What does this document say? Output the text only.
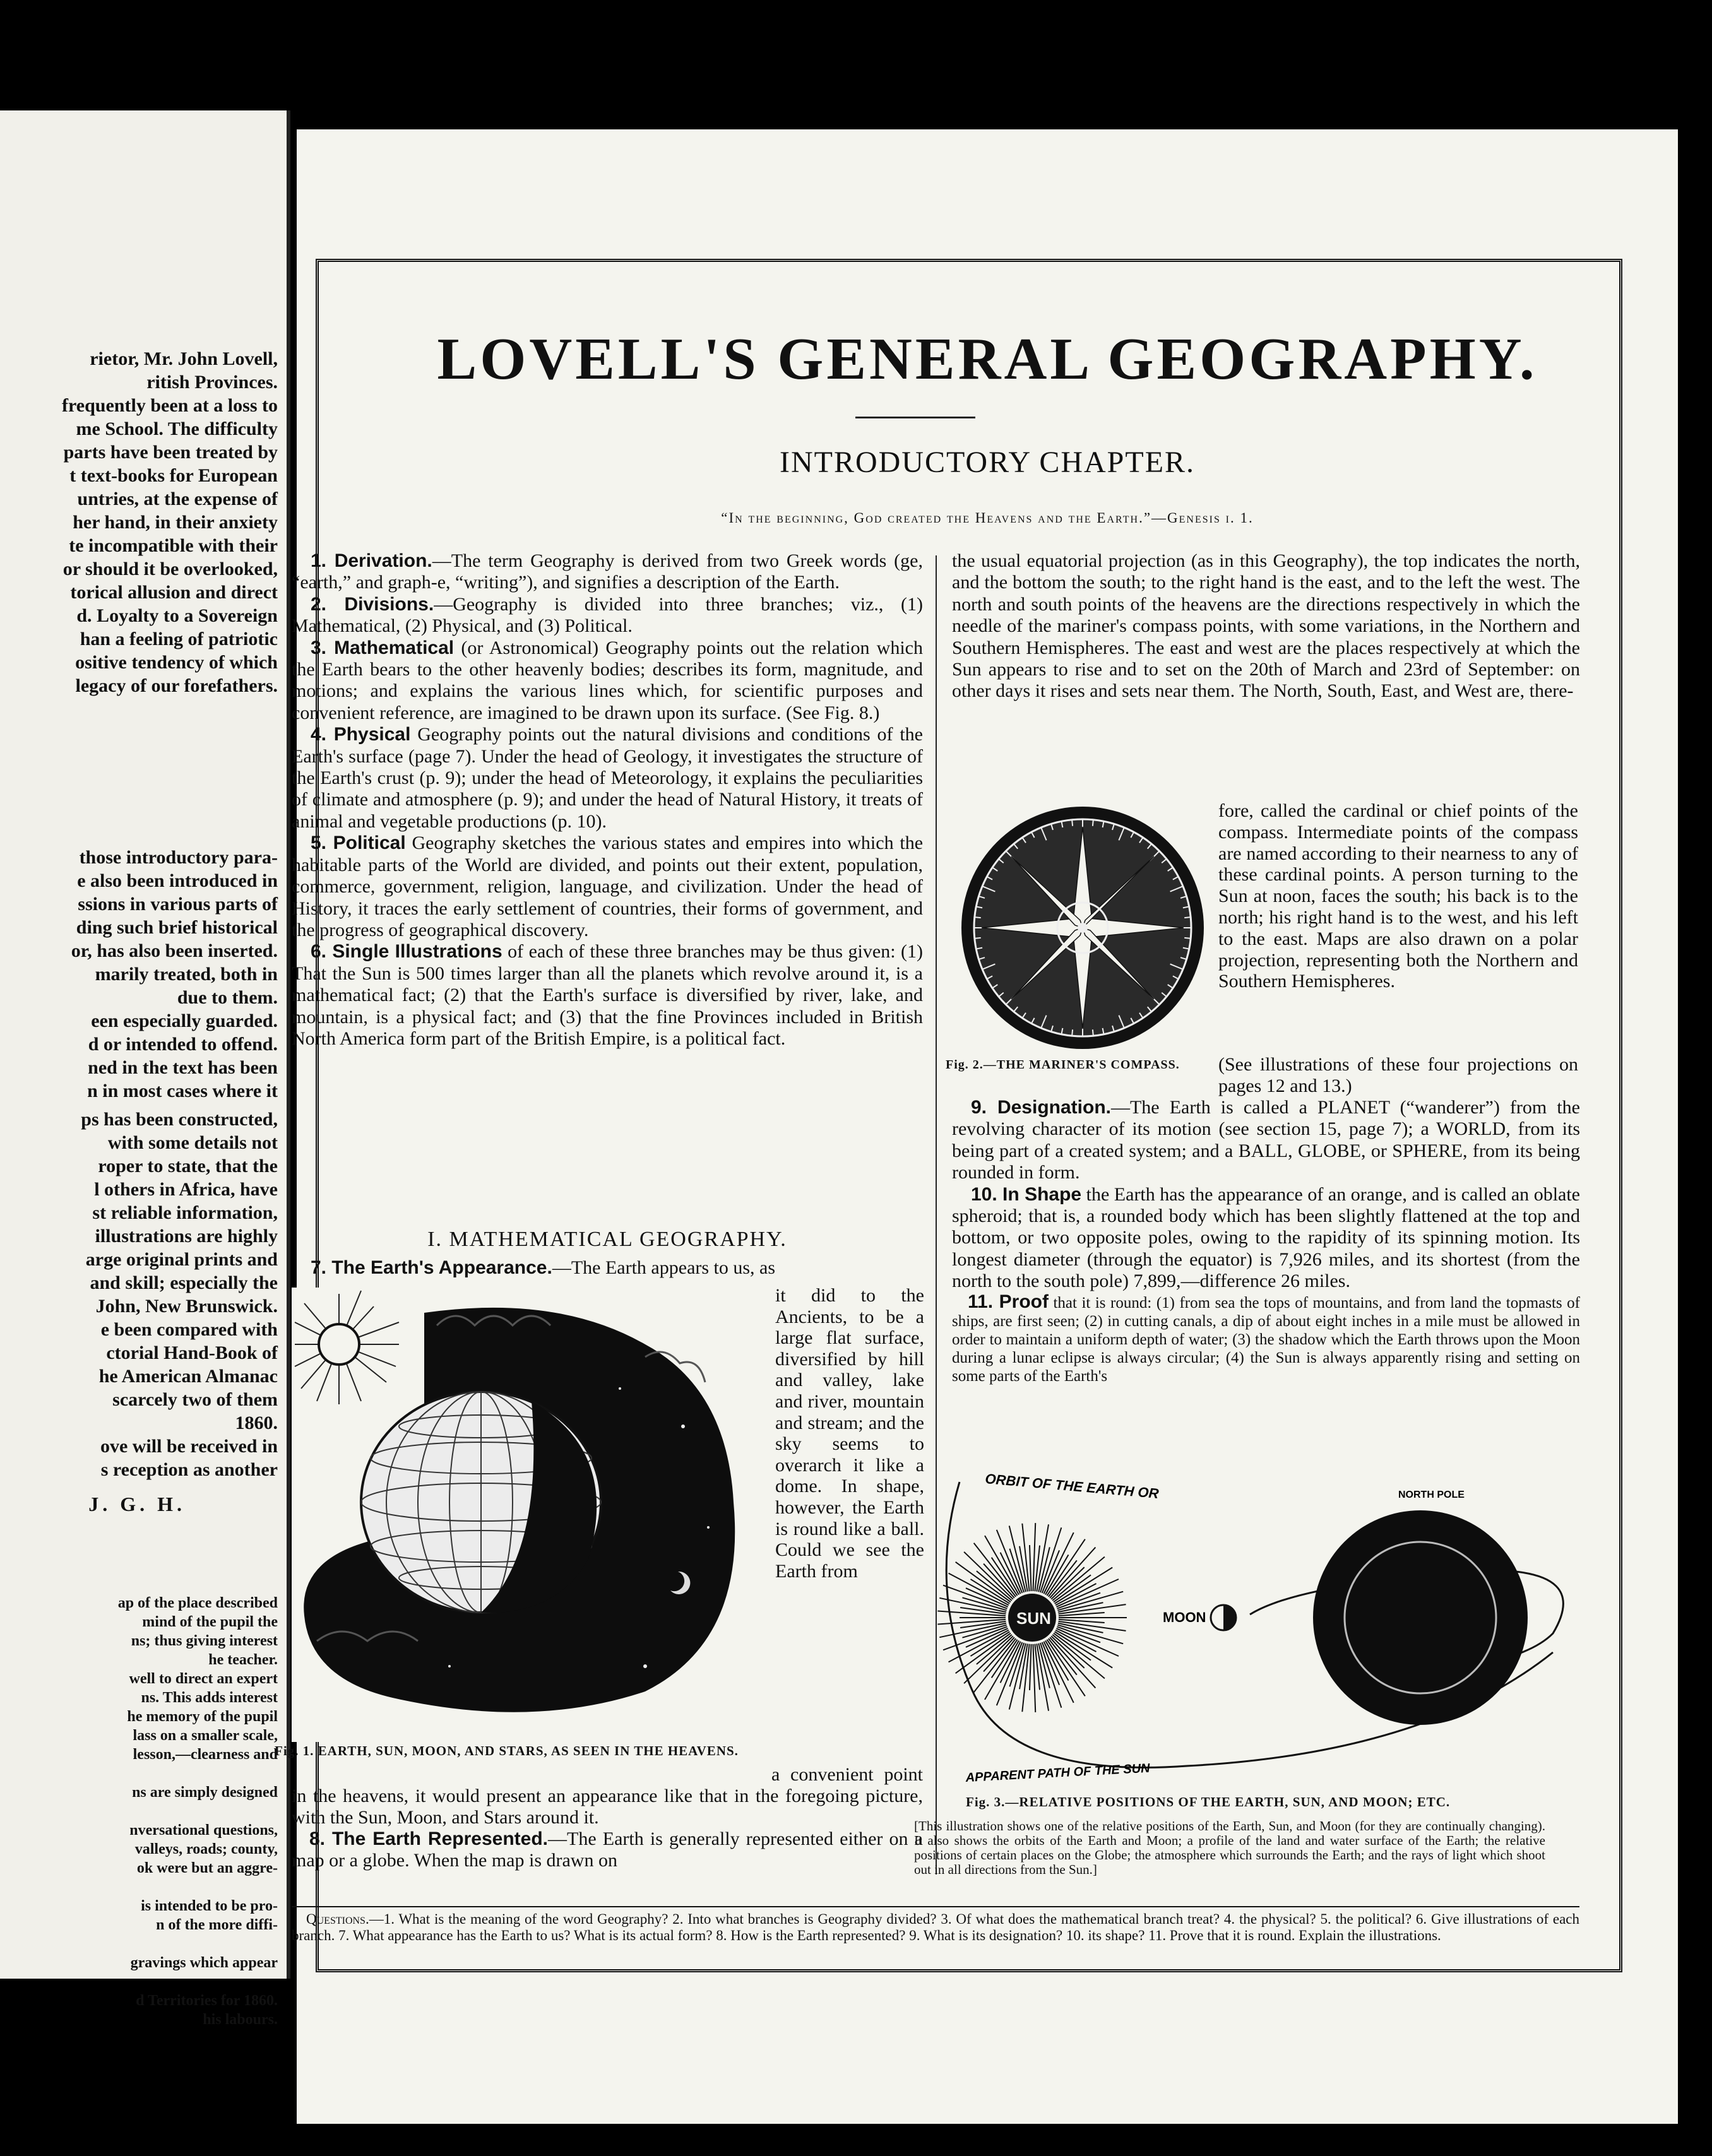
rietor, Mr. John Lovell,
ritish Provinces.
frequently been at a loss to
me School. The difficulty
parts have been treated by
t text-books for European
untries, at the expense of
her hand, in their anxiety
te incompatible with their
or should it be overlooked,
torical allusion and direct
d. Loyalty to a Sovereign
han a feeling of patriotic
ositive tendency of which
legacy of our forefathers.
those introductory para-
e also been introduced in
ssions in various parts of
ding such brief historical
or, has also been inserted.
marily treated, both in
due to them.
een especially guarded.
d or intended to offend.
ned in the text has been
n in most cases where it
ps has been constructed,
with some details not
roper to state, that the
l others in Africa, have
st reliable information,
illustrations are highly
arge original prints and
and skill; especially the
John, New Brunswick.
e been compared with
ctorial Hand-Book of
he American Almanac
scarcely two of them
1860.
ove will be received in
s reception as another
J. G. H.
ap of the place described
mind of the pupil the
ns; thus giving interest
he teacher.
well to direct an expert
ns. This adds interest
he memory of the pupil
lass on a smaller scale,
lesson,—clearness and

ns are simply designed

nversational questions,
valleys, roads; county,
ok were but an aggre-

is intended to be pro-
n of the more diffi-

gravings which appear

d Territories for 1860.
his labours.
LOVELL'S GENERAL GEOGRAPHY.
INTRODUCTORY CHAPTER.
“In the beginning, God created the Heavens and the Earth.”—Genesis i. 1.

 1. Derivation.—The term Geography is derived from two Greek words (ge, “earth,” and graph-e, “writing”), and signifies a description of the Earth.

 2. Divisions.—Geography is divided into three branches; viz., (1) Mathematical, (2) Physical, and (3) Political.

 3. Mathematical (or Astronomical) Geography points out the relation which the Earth bears to the other heavenly bodies; describes its form, magnitude, and motions; and explains the various lines which, for scientific purposes and convenient reference, are imagined to be drawn upon its surface. (See Fig. 8.)

 4. Physical Geography points out the natural divisions and conditions of the Earth's surface (page 7). Under the head of Geology, it investigates the structure of the Earth's crust (p. 9); under the head of Meteorology, it explains the peculiarities of climate and atmosphere (p. 9); and under the head of Natural History, it treats of animal and vegetable productions (p. 10).

 5. Political Geography sketches the various states and empires into which the habitable parts of the World are divided, and points out their extent, population, commerce, government, religion, language, and civilization. Under the head of History, it traces the early settlement of countries, their forms of government, and the progress of geographical discovery.

 6. Single Illustrations of each of these three branches may be thus given: (1) That the Sun is 500 times larger than all the planets which revolve around it, is a mathematical fact; (2) that the Earth's surface is diversified by river, lake, and mountain, is a physical fact; and (3) that the fine Provinces included in British North America form part of the British Empire, is a political fact.

I. MATHEMATICAL GEOGRAPHY.
7. The Earth's Appearance.—The Earth appears to us, as
it did to the Ancients, to be a large flat surface, diversified by hill and valley, lake and river, mountain and stream; and the sky seems to overarch it like a dome. In shape, however, the Earth is round like a ball. Could we see the Earth from
Fig. 1. EARTH, SUN, MOON, AND STARS, AS SEEN IN THE HEAVENS.
a convenient point in the heavens, it would present an appearance like that in the foregoing picture, with the Sun, Moon, and Stars around it.
8. The Earth Represented.—The Earth is generally represented either on a map or a globe. When the map is drawn on
the usual equatorial projection (as in this Geography), the top indicates the north, and the bottom the south; to the right hand is the east, and to the left the west. The north and south points of the heavens are the directions respectively in which the needle of the mariner's compass points, with some variations, in the Northern and Southern Hemispheres. The east and west are the places respectively at which the Sun appears to rise and to set on the 20th of March and 23rd of September: on other days it rises and sets near them. The North, South, East, and West are, there-
fore, called the cardinal or chief points of the compass. Intermediate points of the compass are named according to their nearness to any of these cardinal points. A person turning to the Sun at noon, faces the south; his back is to the north; his right hand is to the west, and his left to the east. Maps are also drawn on a polar projection, representing both the Northern and Southern Hemispheres.
Fig. 2.—THE MARINER'S COMPASS. (See illustrations of these four projections on pages 12 and 13.)

 9. Designation.—The Earth is called a PLANET (“wanderer”) from the revolving character of its motion (see section 15, page 7); a WORLD, from its being part of a created system; and a BALL, GLOBE, or SPHERE, from its being rounded in form.

 10. In Shape the Earth has the appearance of an orange, and is called an oblate spheroid; that is, a rounded body which has been slightly flattened at the top and bottom, or two opposite poles, owing to the rapidity of its spinning motion. Its longest diameter (through the equator) is 7,926 miles, and its shortest (from the north to the south pole) 7,899,—difference 26 miles.

 11. Proof that it is round: (1) from sea the tops of mountains, and from land the topmasts of ships, are first seen; (2) in cutting canals, a dip of about eight inches in a mile must be allowed in order to maintain a uniform depth of water; (3) the shadow which the Earth throws upon the Moon during a lunar eclipse is always circular; (4) the Sun is always apparently rising and setting on some parts of the Earth's

ORBIT OF THE EARTH OR
SUN	MOON
NORTH POLE
APPARENT PATH OF THE SUN
Fig. 3.—RELATIVE POSITIONS OF THE EARTH, SUN, AND MOON; ETC.
[This illustration shows one of the relative positions of the Earth, Sun, and Moon (for they are continually changing). It also shows the orbits of the Earth and Moon; a profile of the land and water surface of the Earth; the relative positions of certain places on the Globe; the atmosphere which surrounds the Earth; and the rays of light which shoot out in all directions from the Sun.]
 Questions.—1. What is the meaning of the word Geography? 2. Into what branches is Geography divided? 3. Of what does the mathematical branch treat? 4. the physical? 5. the political? 6. Give illustrations of each branch. 7. What appearance has the Earth to us? What is its actual form? 8. How is the Earth represented? 9. What is its designation? 10. its shape? 11. Prove that it is round. Explain the illustrations.
